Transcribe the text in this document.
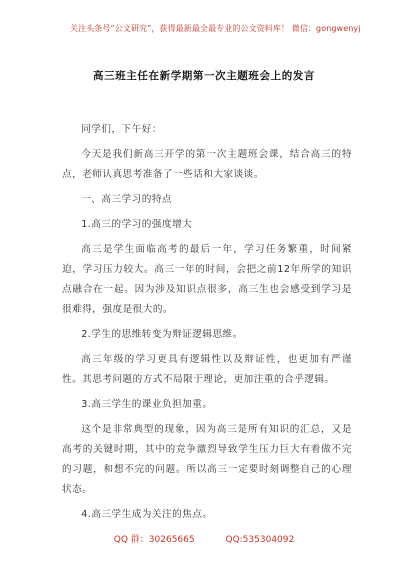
关注头条号“公文研究”，获得最新最全最专业的公文资料库！ 微信：gongwenyj
高三班主任在新学期第一次主题班会上的发言

同学们，下午好：

今天是我们新高三开学的第一次主题班会课，结合高三的特点，老师认真思考准备了一些话和大家谈谈。

一、高三学习的特点

1.高三的学习的强度增大

高三是学生面临高考的最后一年，学习任务繁重，时间紧迫，学习压力较大。高三一年的时间，会把之前12年所学的知识点融合在一起。因为涉及知识点很多，高三生也会感受到学习是很难得，强度是很大的。

2.学生的思维转变为辩证逻辑思维。

高三年级的学习更具有逻辑性以及辩证性，也更加有严谨性。其思考问题的方式不局限于理论，更加注重的合乎逻辑。

3.高三学生的课业负担加重。

这个是非常典型的现象，因为高三是所有知识的汇总，又是高考的关键时期，其中的竞争激烈导致学生压力巨大有着做不完的习题，和想不完的问题。所以高三一定要时刻调整自己的心理状态。

4.高三学生成为关注的焦点。

QQ 群：30265665	QQ:535304092
